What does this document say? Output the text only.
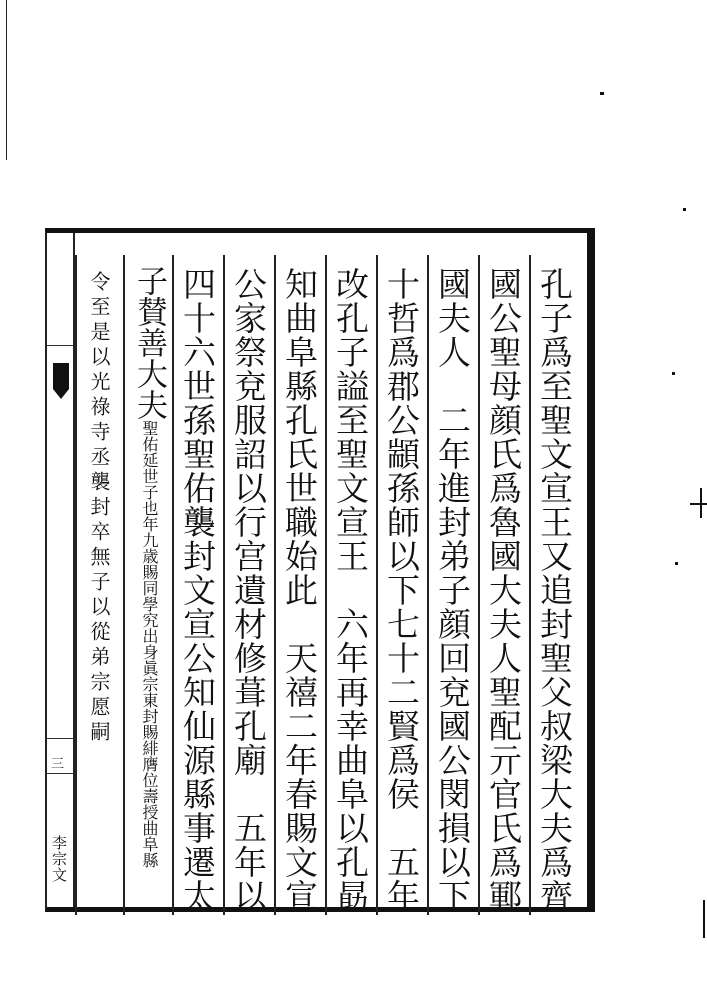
三
李宗文	孔子爲至聖文宣王又追封聖父叔梁大夫爲齊
國公聖母顔氏爲魯國大夫人聖配亓官氏爲鄆
國夫人　二年進封弟子顔回兗國公閔損以下
十哲爲郡公顓孫師以下七十二賢爲侯　五年
改孔子謚至聖文宣王　六年再幸曲阜以孔勗
知曲阜縣孔氏世職始此　天禧二年春賜文宣
公家祭兗服詔以行宫遺材修葺孔廟　五年以
四十六世孫聖佑襲封文宣公知仙源縣事遷太
子賛善大夫聖佑延世子也年九歳賜同學究出身眞宗東封賜緋膺位壽授曲阜縣
令至是以光祿寺丞襲封卒無子以從弟宗愿嗣
